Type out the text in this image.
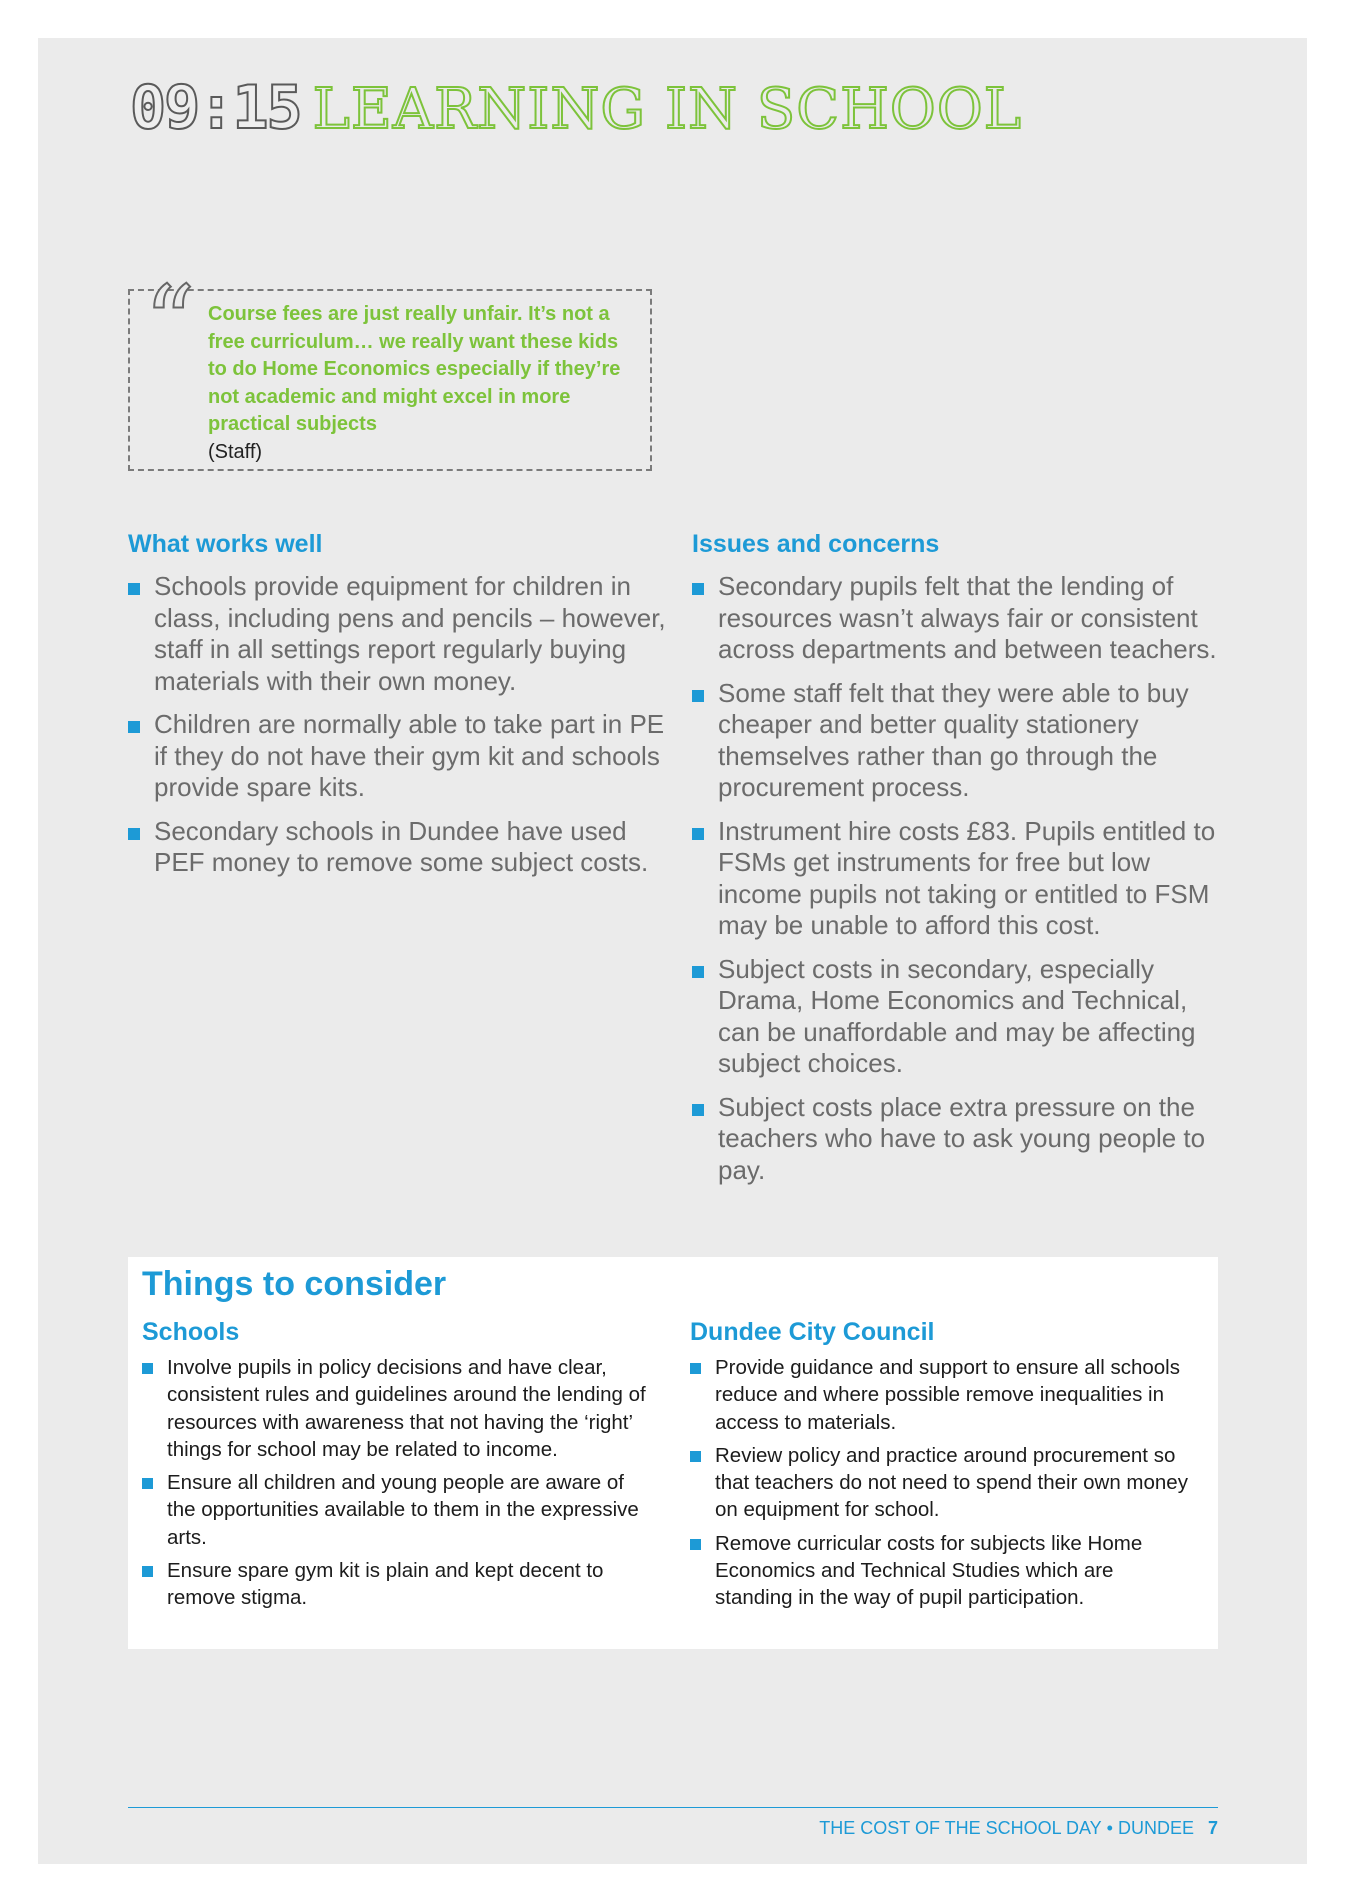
09:15 LEARNING IN SCHOOL
“ Course fees are just really unfair. It’s not a free curriculum… we really want these kids to do Home Economics especially if they’re not academic and might excel in more practical subjects
(Staff)
What works well
Schools provide equipment for children in class, including pens and pencils – however, staff in all settings report regularly buying materials with their own money.
Children are normally able to take part in PE if they do not have their gym kit and schools provide spare kits.
Secondary schools in Dundee have used PEF money to remove some subject costs.
Issues and concerns
Secondary pupils felt that the lending of resources wasn’t always fair or consistent across departments and between teachers.
Some staff felt that they were able to buy cheaper and better quality stationery themselves rather than go through the procurement process.
Instrument hire costs £83. Pupils entitled to FSMs get instruments for free but low income pupils not taking or entitled to FSM may be unable to afford this cost.
Subject costs in secondary, especially Drama, Home Economics and Technical, can be unaffordable and may be affecting subject choices.
Subject costs place extra pressure on the teachers who have to ask young people to pay.
Things to consider
Schools
Involve pupils in policy decisions and have clear, consistent rules and guidelines around the lending of resources with awareness that not having the ‘right’ things for school may be related to income.
Ensure all children and young people are aware of the opportunities available to them in the expressive arts.
Ensure spare gym kit is plain and kept decent to remove stigma.
Dundee City Council
Provide guidance and support to ensure all schools reduce and where possible remove inequalities in access to materials.
Review policy and practice around procurement so that teachers do not need to spend their own money on equipment for school.
Remove curricular costs for subjects like Home Economics and Technical Studies which are standing in the way of pupil participation.
THE COST OF THE SCHOOL DAY • DUNDEE 7
